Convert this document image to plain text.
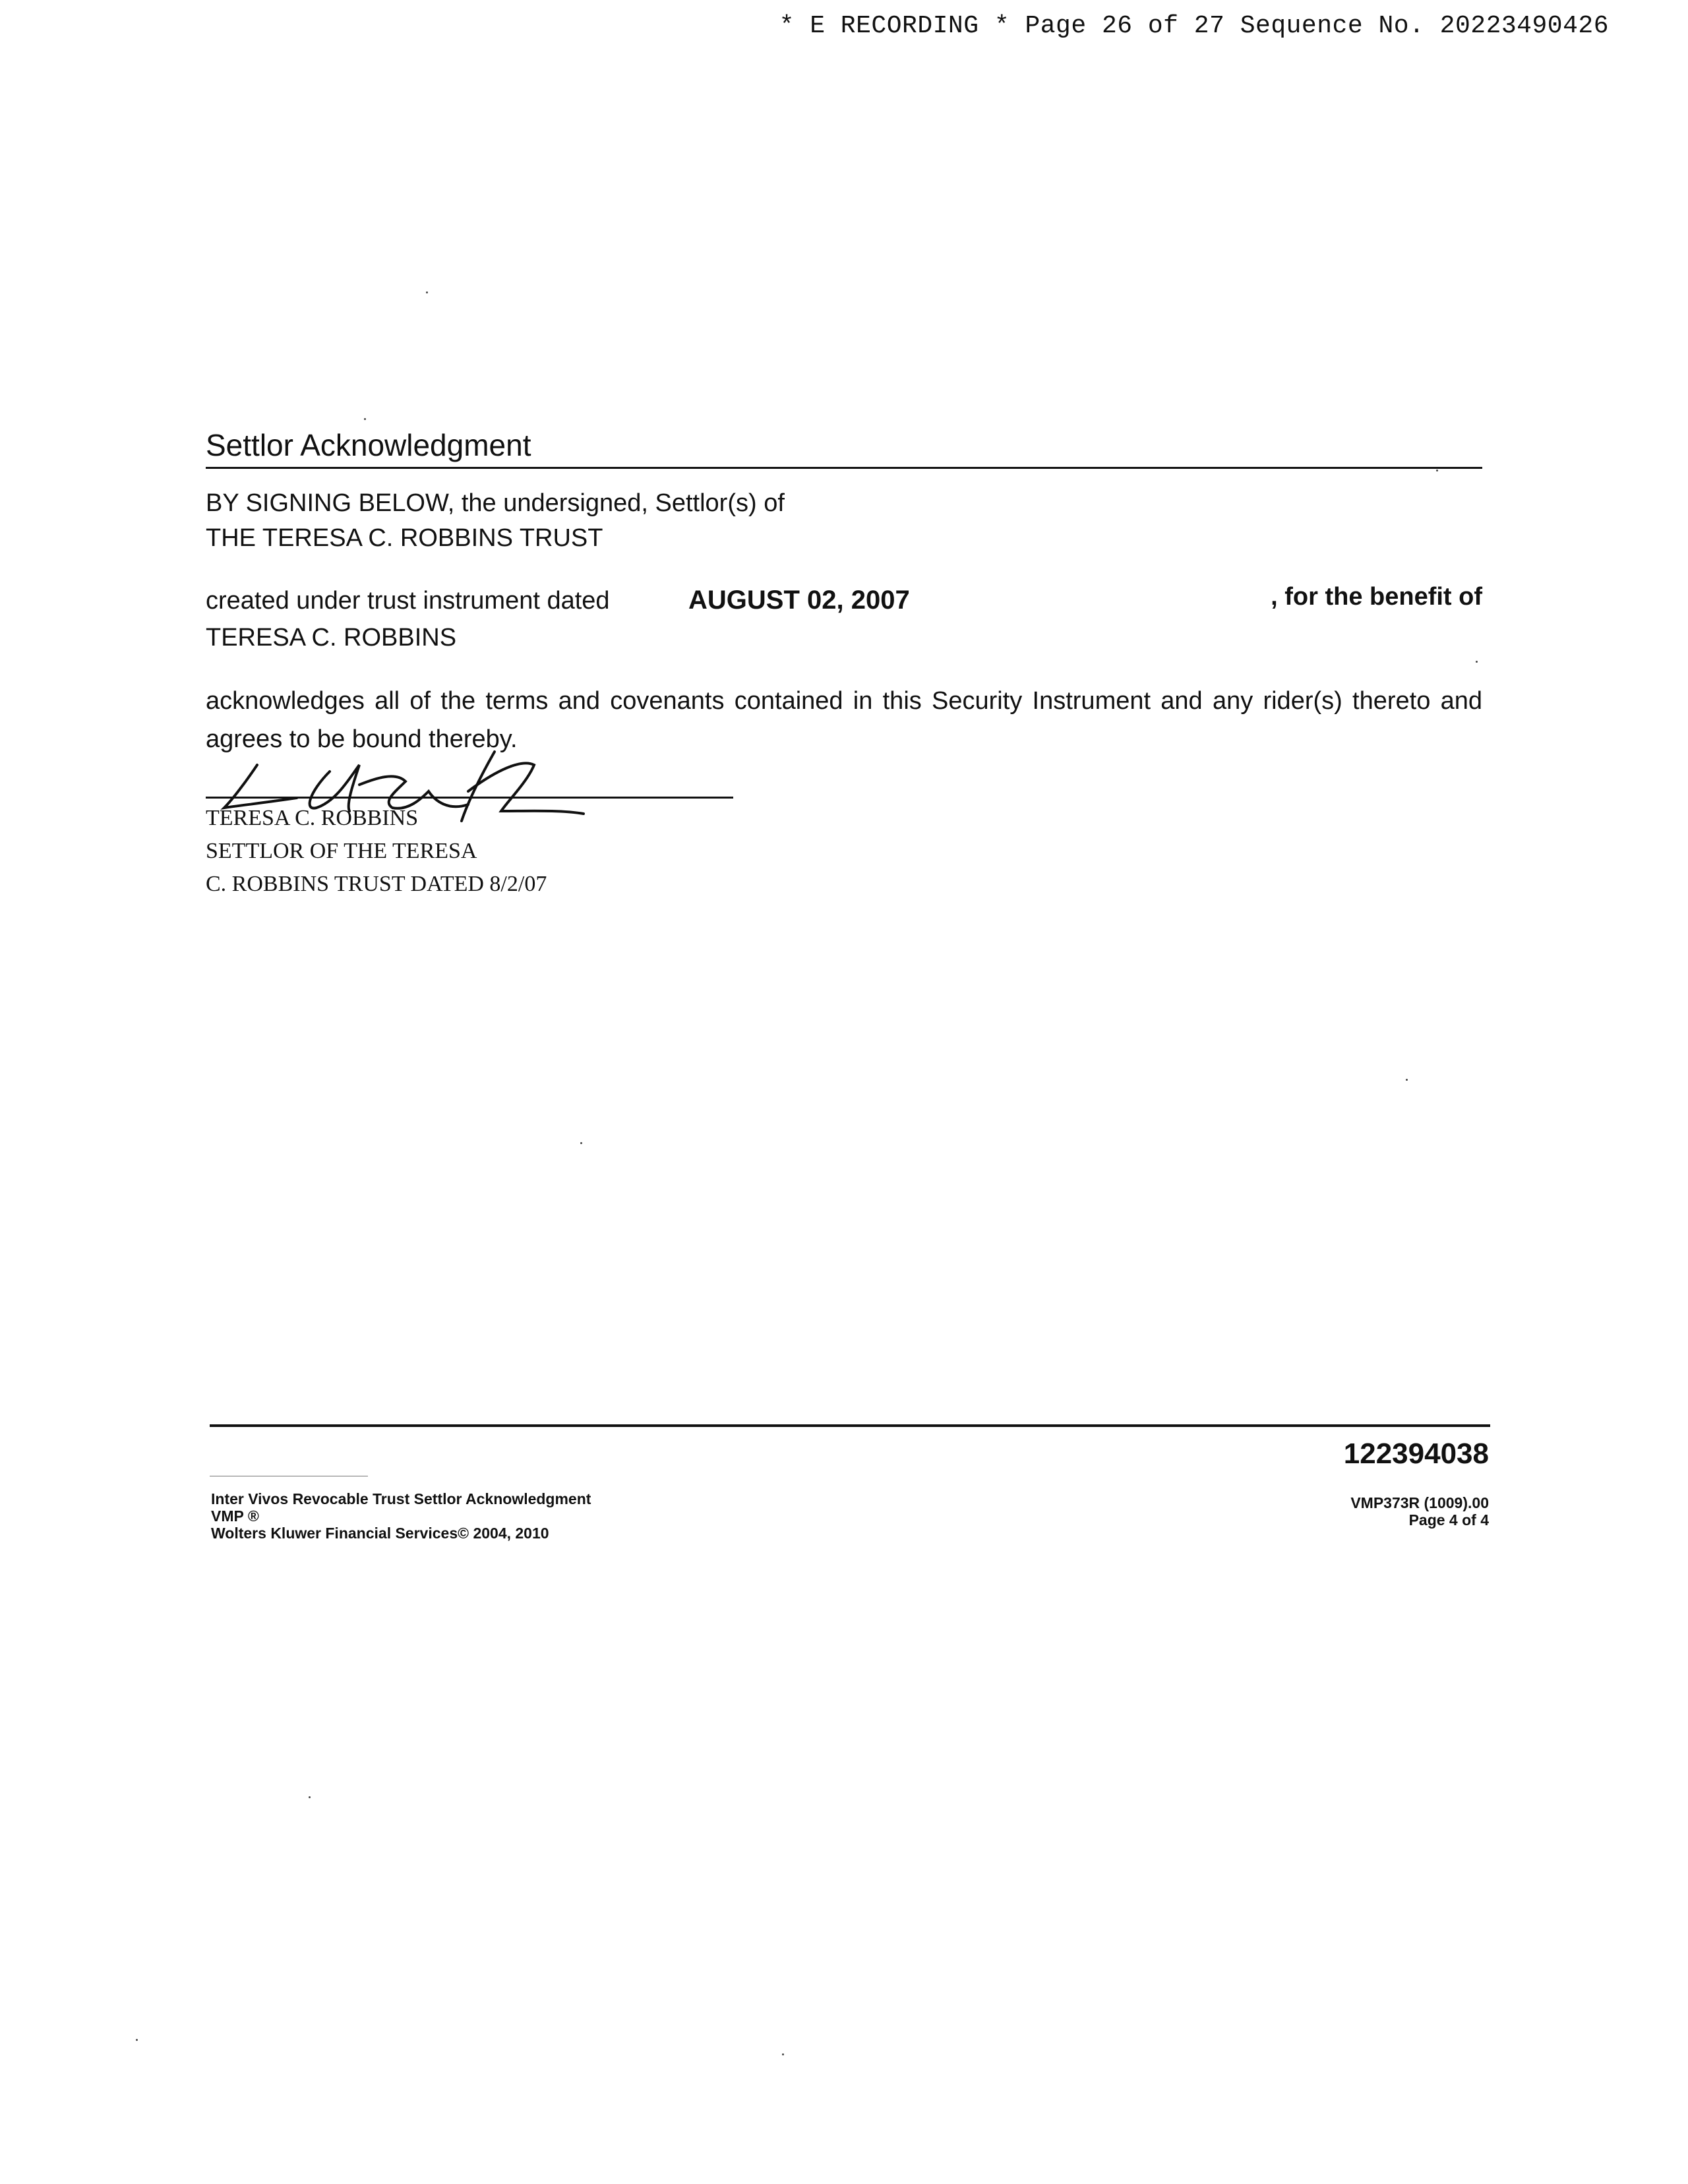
* E RECORDING * Page 26 of 27 Sequence No. 20223490426
Settlor Acknowledgment
BY SIGNING BELOW, the undersigned, Settlor(s) of
THE TERESA C. ROBBINS TRUST
created under trust instrument dated	AUGUST 02, 2007	, for the benefit of
TERESA C. ROBBINS
acknowledges all of the terms and covenants contained in this Security Instrument and any rider(s) thereto and agrees to be bound thereby.
TERESA C. ROBBINS
SETTLOR OF THE TERESA
C. ROBBINS TRUST DATED 8/2/07
122394038
Inter Vivos Revocable Trust Settlor Acknowledgment
VMP ®
Wolters Kluwer Financial Services© 2004, 2010
VMP373R (1009).00
Page 4 of 4
